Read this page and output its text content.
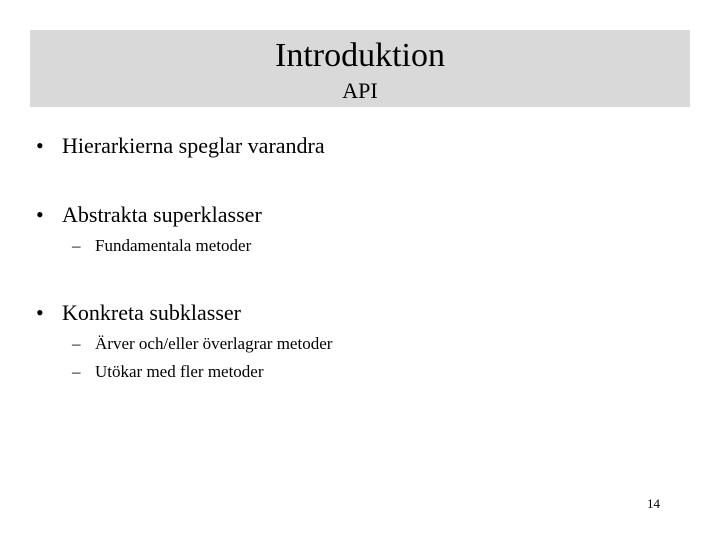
Introduktion
API
• Hierarkierna speglar varandra
• Abstrakta superklasser
– Fundamentala metoder
– Ärver och/eller överlagrar metoder
– Utökar med fler metoder
• Konkreta subklasser
14
